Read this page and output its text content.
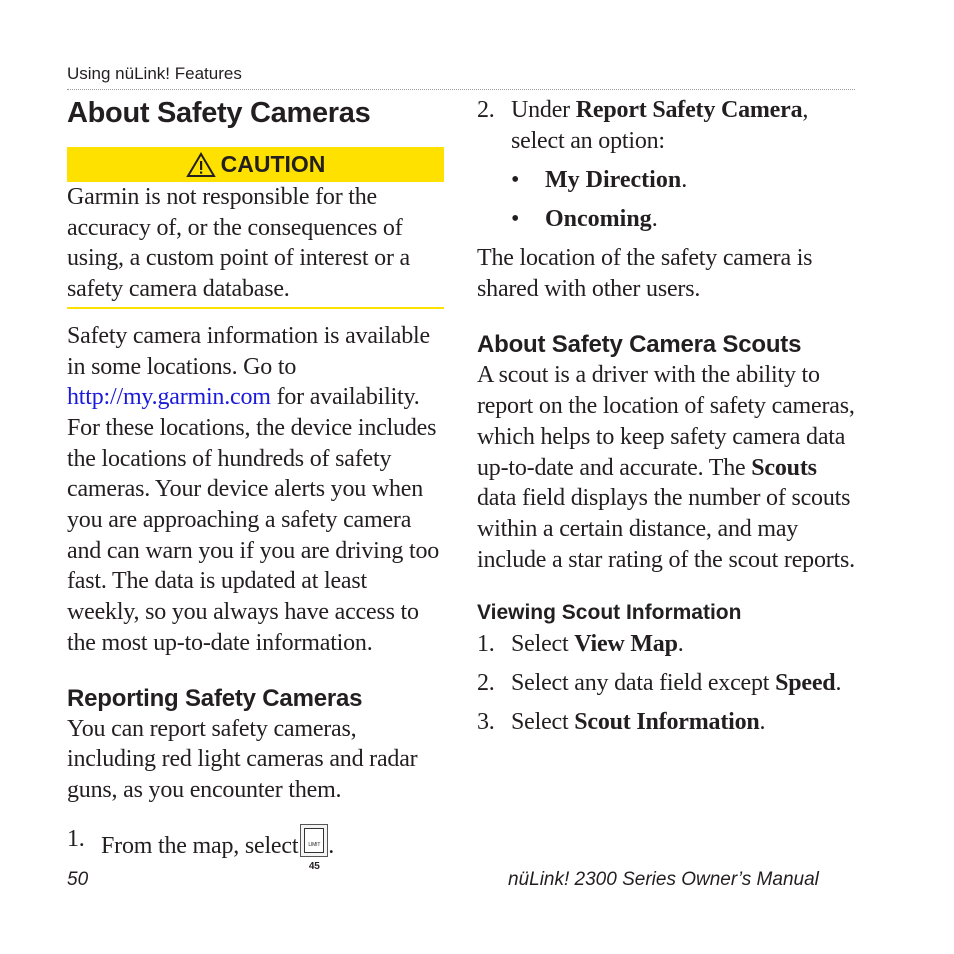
Using nüLink! Features
About Safety Cameras
CAUTION

Garmin is not responsible for the accuracy of, or the consequences of using, a custom point of interest or a safety camera database.

Safety camera information is available in some locations. Go to http://my.garmin.com for availability. For these locations, the device includes the locations of hundreds of safety cameras. Your device alerts you when you are approaching a safety camera and can warn you if you are driving too fast. The data is updated at least weekly, so you always have access to the most up-to-date information.

Reporting Safety Cameras

You can report safety cameras, including red light cameras and radar guns, as you encounter them.

1. From the map, select	LIMIT
45
.
2. Under Report Safety Camera, select an option:
•	My Direction.
•	Oncoming.

The location of the safety camera is shared with other users.

About Safety Camera Scouts

A scout is a driver with the ability to report on the location of safety cameras, which helps to keep safety camera data up-to-date and accurate. The Scouts data field displays the number of scouts within a certain distance, and may include a star rating of the scout reports.

Viewing Scout Information
1. Select View Map.
2. Select any data field except Speed.
3. Select Scout Information.
50	nüLink! 2300 Series Owner’s Manual
